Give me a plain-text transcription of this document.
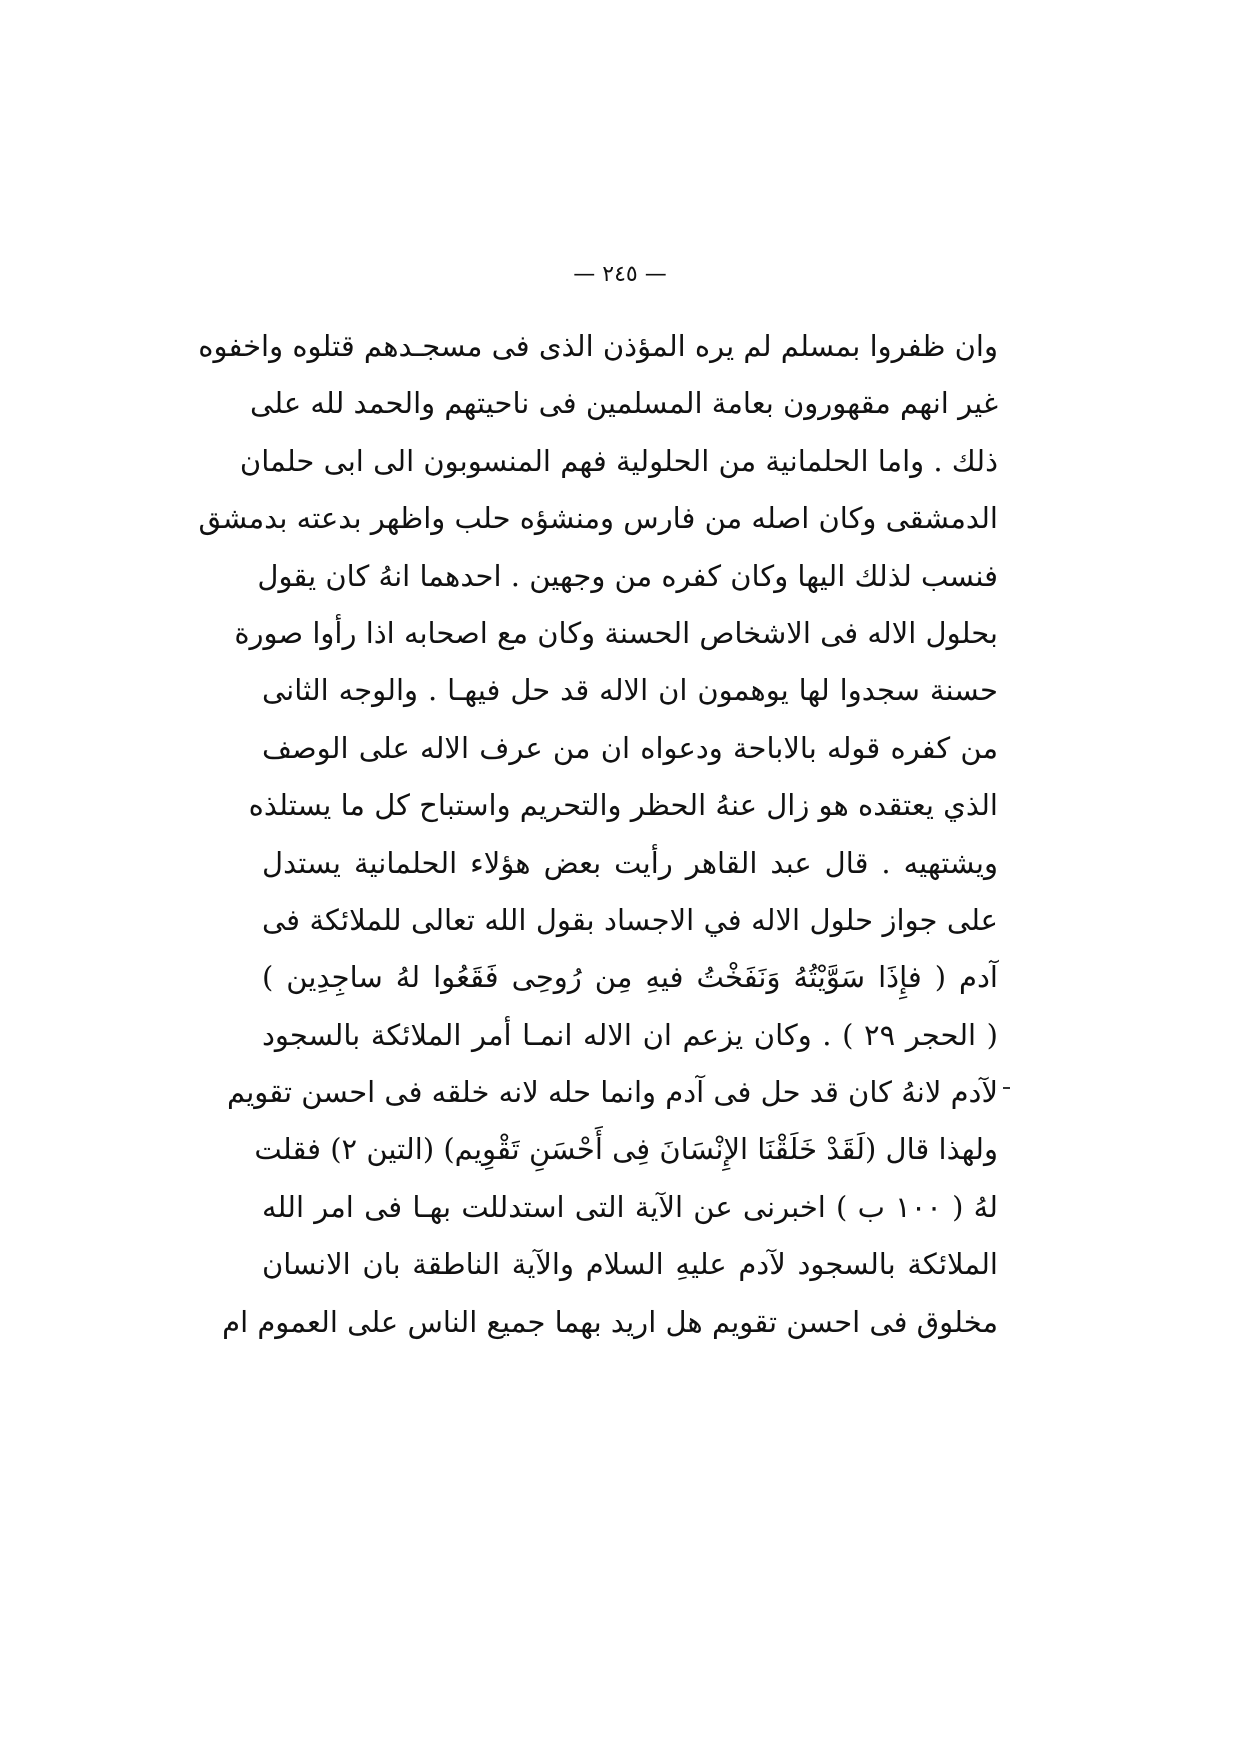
— ٢٤٥ —
وان ظفروا بمسلم لم يره المؤذن الذى فى مسجـدهم قتلوه واخفوه
غير انهم مقهورون بعامة المسلمين فى ناحيتهم والحمد لله على
ذلك . واما الحلمانية من الحلولية فهم المنسوبون الى ابى حلمان
الدمشقى وكان اصله من فارس ومنشؤه حلب واظهر بدعته بدمشق
فنسب لذلك اليها وكان كفره من وجهين . احدهما انهُ كان يقول
بحلول الاله فى الاشخاص الحسنة وكان مع اصحابه اذا رأوا صورة
حسنة سجدوا لها يوهمون ان الاله قد حل فيهـا . والوجه الثانى
من كفره قوله بالاباحة ودعواه ان من عرف الاله على الوصف
الذي يعتقده هو زال عنهُ الحظر والتحريم واستباح كل ما يستلذه
ويشتهيه . قال عبد القاهر رأيت بعض هؤلاء الحلمانية يستدل
على جواز حلول الاله في الاجساد بقول الله تعالى للملائكة فى
آدم ( فإِذَا سَوَّيْتُهُ وَنَفَخْتُ فيهِ مِن رُوحِى فَقَعُوا لهُ ساجِدِين )
( الحجر ٢٩ ) . وكان يزعم ان الاله انمـا أمر الملائكة بالسجود
لآدم لانهُ كان قد حل فى آدم وانما حله لانه خلقه فى احسن تقويم
ولهذا قال (لَقَدْ خَلَقْنَا الإِنْسَانَ فِى أَحْسَنِ تَقْوِيم) (التين ٢) فقلت
لهُ ( ١٠٠ ب ) اخبرنى عن الآية التى استدللت بهـا فى امر الله
الملائكة بالسجود لآدم عليهِ السلام والآية الناطقة بان الانسان
مخلوق فى احسن تقويم هل اريد بهما جميع الناس على العموم ام
